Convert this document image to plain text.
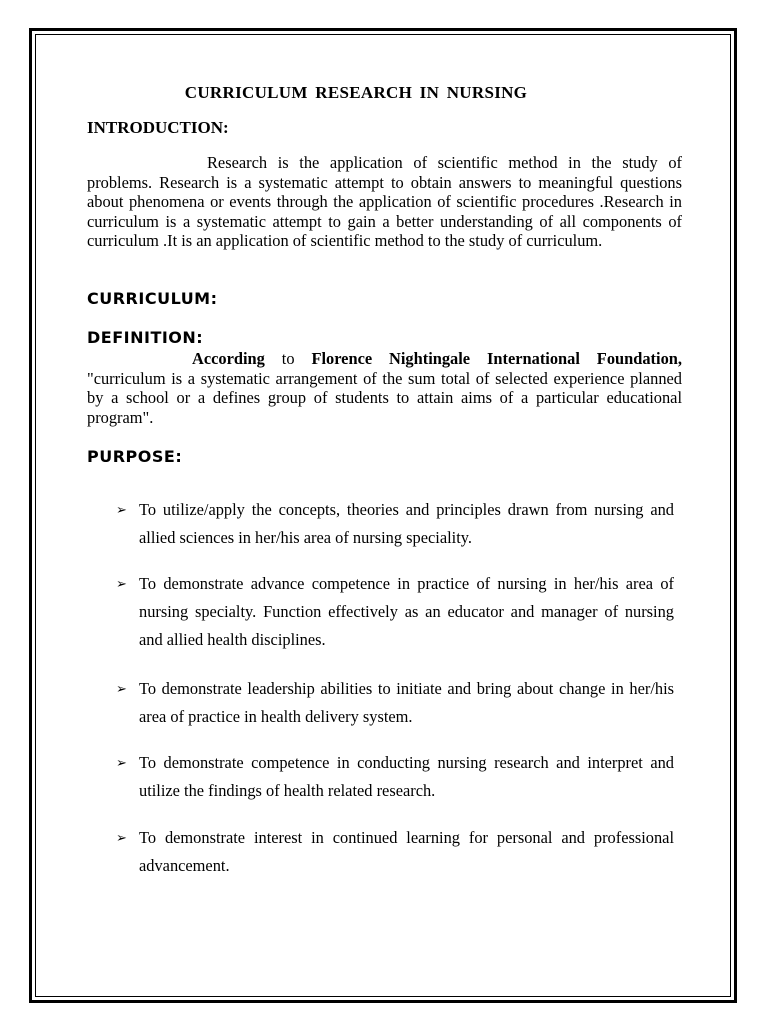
CURRICULUM RESEARCH IN NURSING
INTRODUCTION:
Research is the application of scientific method in the study of problems. Research is a systematic attempt to obtain answers to meaningful questions about phenomena or events through the application of scientific procedures .Research in curriculum is a systematic attempt to gain a better understanding of all components of curriculum .It is an application of scientific method to the study of curriculum.
CURRICULUM:
DEFINITION:
According to Florence Nightingale International Foundation, "curriculum is a systematic arrangement of the sum total of selected experience planned by a school or a defines group of students to attain aims of a particular educational program".
PURPOSE:
➢ To utilize/apply the concepts, theories and principles drawn from nursing and allied sciences in her/his area of nursing speciality.
➢ To demonstrate advance competence in practice of nursing in her/his area of nursing specialty. Function effectively as an educator and manager of nursing and allied health disciplines.
➢ To demonstrate leadership abilities to initiate and bring about change in her/his area of practice in health delivery system.
➢ To demonstrate competence in conducting nursing research and interpret and utilize the findings of health related research.
➢ To demonstrate interest in continued learning for personal and professional advancement.
